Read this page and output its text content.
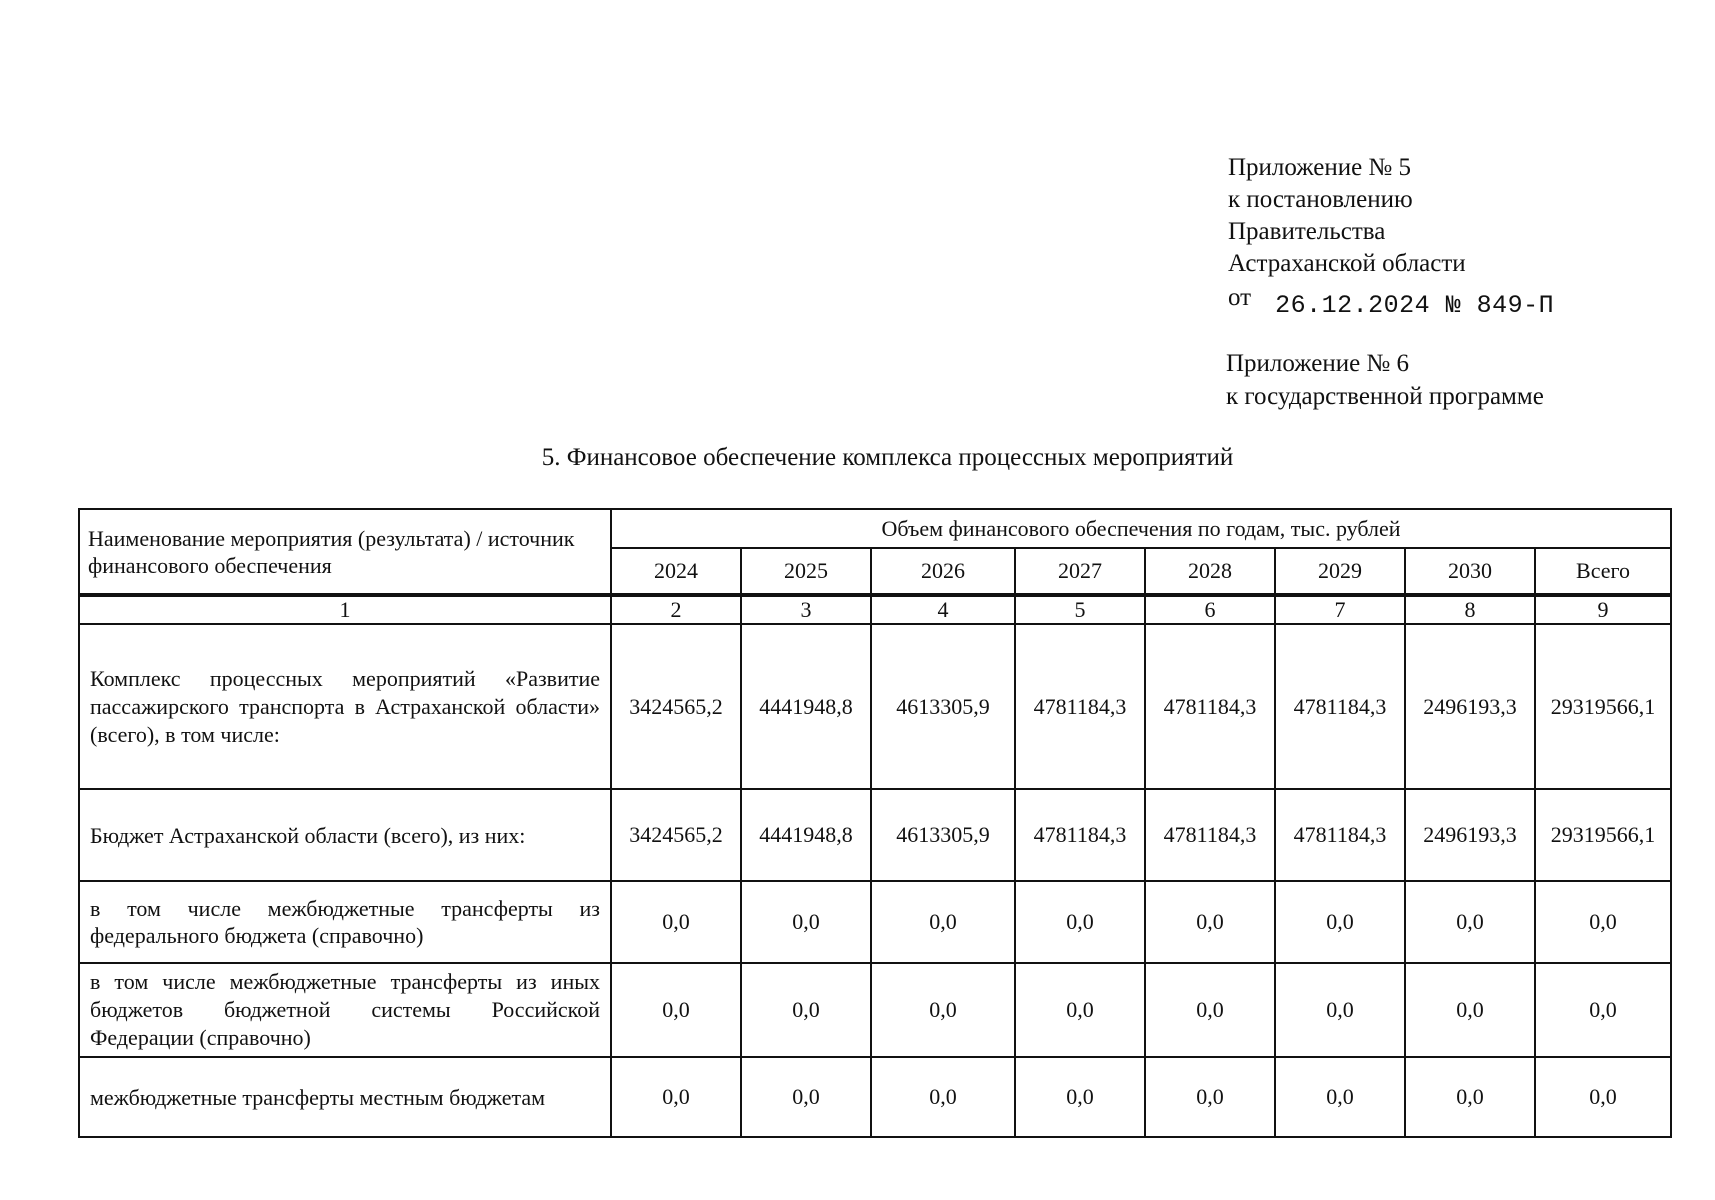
Приложение № 5
к постановлению
Правительства
Астраханской области
от 26.12.2024 № 849-П
Приложение № 6
к государственной программе
5. Финансовое обеспечение комплекса процессных мероприятий
Наименование мероприятия (результата) / источник финансового обеспечения	Объем финансового обеспечения по годам, тыс. рублей							
	2024	2025	2026	2027	2028	2029	2030	Всего
1	2	3	4	5	6	7	8	9
Комплекс процессных мероприятий «Развитие пассажирского транспорта в Астраханской области» (всего), в том числе:	3424565,2	4441948,8	4613305,9	4781184,3	4781184,3	4781184,3	2496193,3	29319566,1
Бюджет Астраханской области (всего), из них:	3424565,2	4441948,8	4613305,9	4781184,3	4781184,3	4781184,3	2496193,3	29319566,1
в том числе межбюджетные трансферты из федерального бюджета (справочно)	0,0	0,0	0,0	0,0	0,0	0,0	0,0	0,0
в том числе межбюджетные трансферты из иных бюджетов бюджетной системы Российской Федерации (справочно)	0,0	0,0	0,0	0,0	0,0	0,0	0,0	0,0
межбюджетные трансферты местным бюджетам	0,0	0,0	0,0	0,0	0,0	0,0	0,0	0,0
